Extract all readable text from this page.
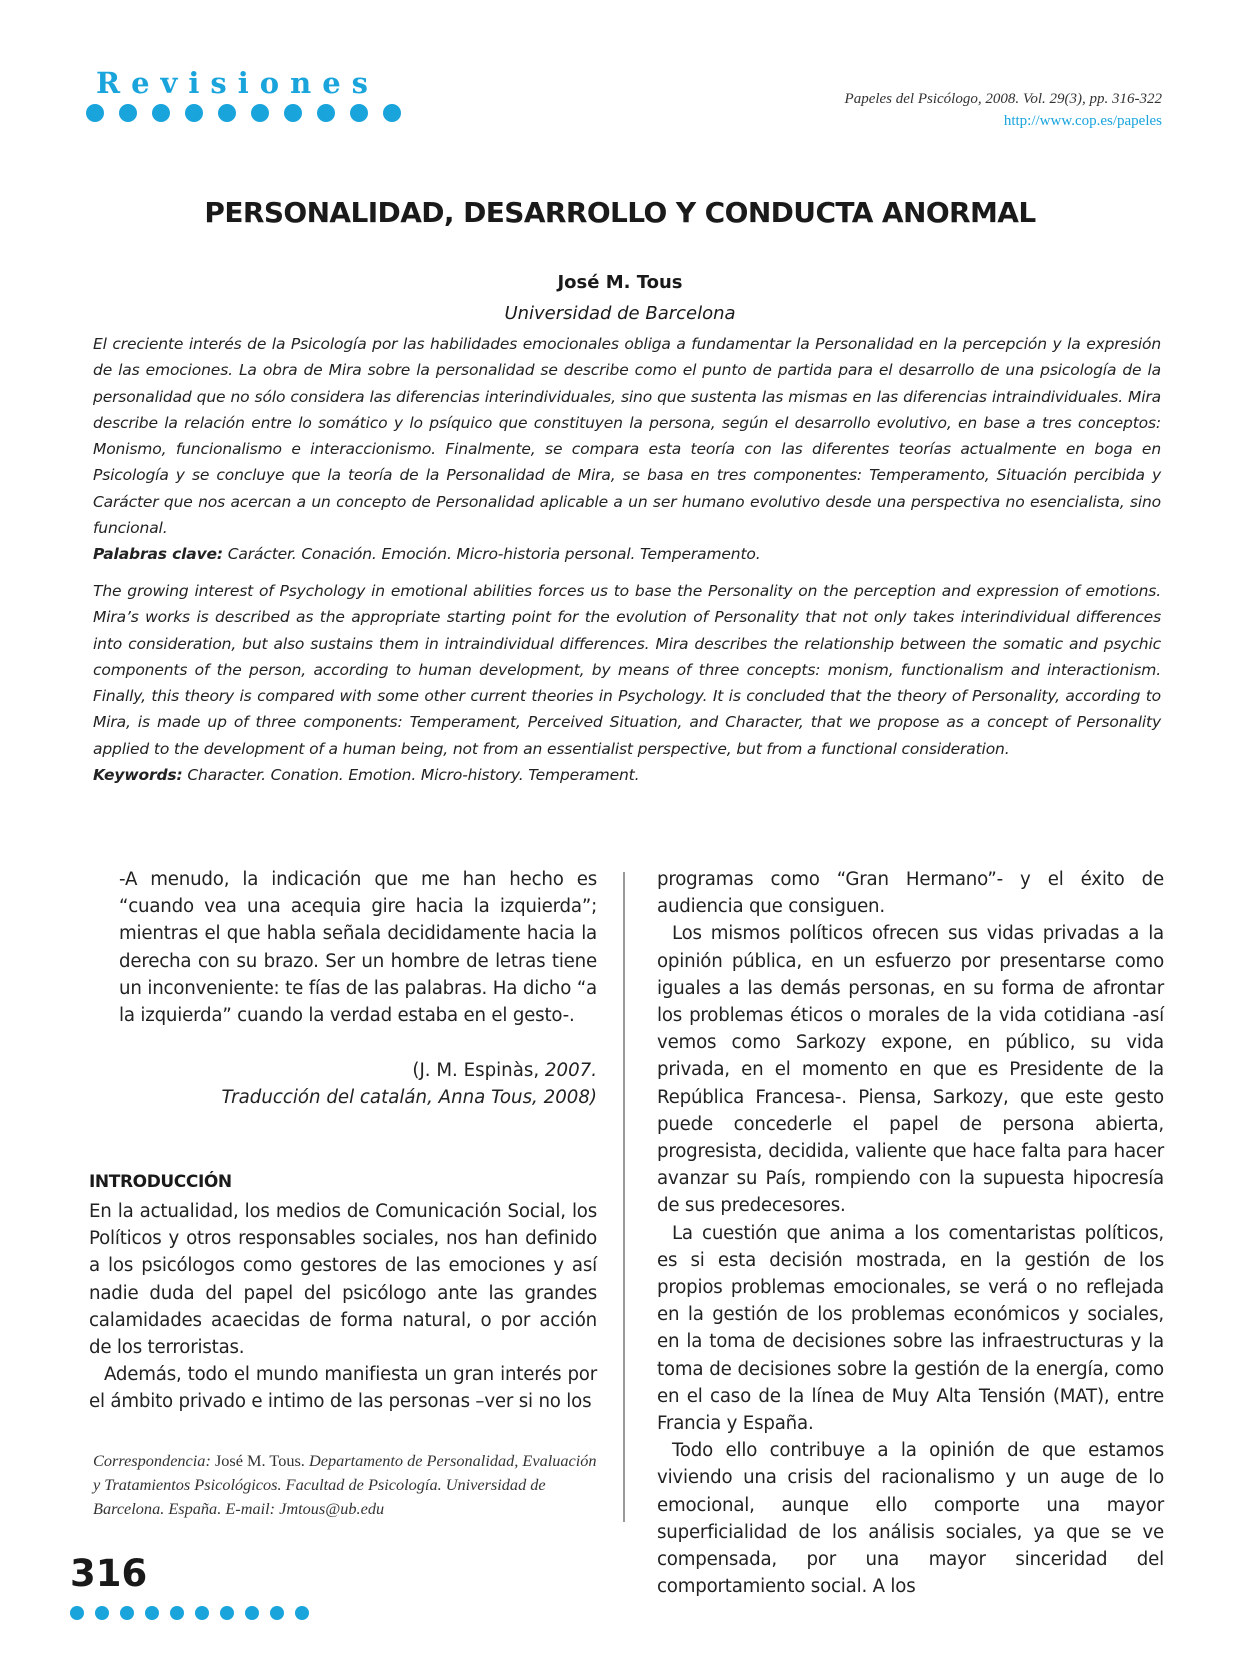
Revisiones	Papeles del Psicólogo, 2008. Vol. 29(3), pp. 316-322
http://www.cop.es/papeles
PERSONALIDAD, DESARROLLO Y CONDUCTA ANORMAL
José M. Tous
Universidad de Barcelona
El creciente interés de la Psicología por las habilidades emocionales obliga a fundamentar la Personalidad en la percepción y la expresión de las emociones. La obra de Mira sobre la personalidad se describe como el punto de partida para el desarrollo de una psicología de la personalidad que no sólo considera las diferencias interindividuales, sino que sustenta las mismas en las diferencias intraindividuales. Mira describe la relación entre lo somático y lo psíquico que constituyen la persona, según el desarrollo evolutivo, en base a tres conceptos: Monismo, funcionalismo e interaccionismo. Finalmente, se compara esta teoría con las diferentes teorías actualmente en boga en Psicología y se concluye que la teoría de la Personalidad de Mira, se basa en tres componentes: Temperamento, Situación percibida y Carácter que nos acercan a un concepto de Personalidad aplicable a un ser humano evolutivo desde una perspectiva no esencialista, sino funcional.
Palabras clave: Carácter. Conación. Emoción. Micro-historia personal. Temperamento.
The growing interest of Psychology in emotional abilities forces us to base the Personality on the perception and expression of emotions. Mira’s works is described as the appropriate starting point for the evolution of Personality that not only takes interindividual differences into consideration, but also sustains them in intraindividual differences. Mira describes the relationship between the somatic and psychic components of the person, according to human development, by means of three concepts: monism, functionalism and interactionism. Finally, this theory is compared with some other current theories in Psychology. It is concluded that the theory of Personality, according to Mira, is made up of three components: Temperament, Perceived Situation, and Character, that we propose as a concept of Personality applied to the development of a human being, not from an essentialist perspective, but from a functional consideration.
Keywords: Character. Conation. Emotion. Micro-history. Temperament.
-A menudo, la indicación que me han hecho es “cuando vea una acequia gire hacia la izquierda”; mientras el que habla señala decididamente hacia la derecha con su brazo. Ser un hombre de letras tiene un inconveniente: te fías de las palabras. Ha dicho “a la izquierda” cuando la verdad estaba en el gesto-.
(J. M. Espinàs, 2007.
Traducción del catalán, Anna Tous, 2008)
INTRODUCCIÓN

En la actualidad, los medios de Comunicación Social, los Políticos y otros responsables sociales, nos han definido a los psicólogos como gestores de las emociones y así nadie duda del papel del psicólogo ante las grandes calamidades acaecidas de forma natural, o por acción de los terroristas.

Además, todo el mundo manifiesta un gran interés por el ámbito privado e intimo de las personas –ver si no los

Correspondencia: José M. Tous. Departamento de Personalidad, Evaluación y Tratamientos Psicológicos. Facultad de Psicología. Universidad de Barcelona. España. E-mail: Jmtous@ub.edu

programas como “Gran Hermano”- y el éxito de audiencia que consiguen.

Los mismos políticos ofrecen sus vidas privadas a la opinión pública, en un esfuerzo por presentarse como iguales a las demás personas, en su forma de afrontar los problemas éticos o morales de la vida cotidiana -así vemos como Sarkozy expone, en público, su vida privada, en el momento en que es Presidente de la República Francesa-. Piensa, Sarkozy, que este gesto puede concederle el papel de persona abierta, progresista, decidida, valiente que hace falta para hacer avanzar su País, rompiendo con la supuesta hipocresía de sus predecesores.

La cuestión que anima a los comentaristas políticos, es si esta decisión mostrada, en la gestión de los propios problemas emocionales, se verá o no reflejada en la gestión de los problemas económicos y sociales, en la toma de decisiones sobre las infraestructuras y la toma de decisiones sobre la gestión de la energía, como en el caso de la línea de Muy Alta Tensión (MAT), entre Francia y España.

Todo ello contribuye a la opinión de que estamos viviendo una crisis del racionalismo y un auge de lo emocional, aunque ello comporte una mayor superficialidad de los análisis sociales, ya que se ve compensada, por una mayor sinceridad del comportamiento social. A los

316
